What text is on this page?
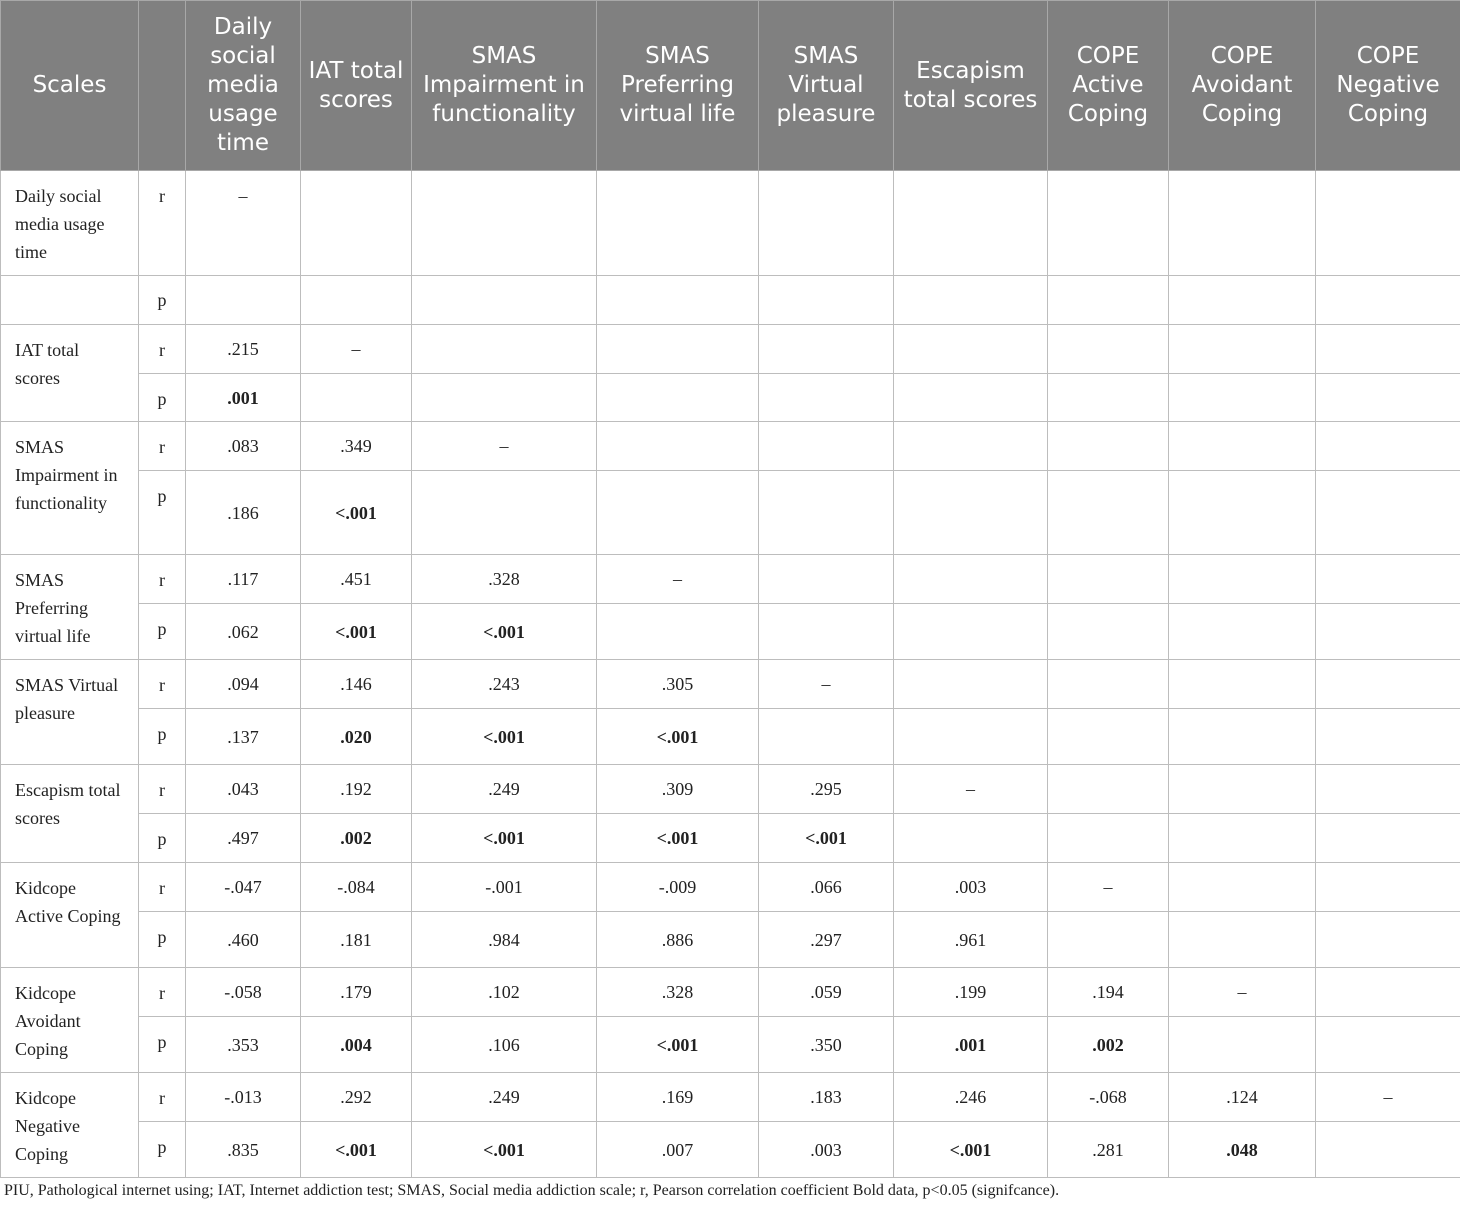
Scales		Daily social media usage time	IAT total scores	SMAS Impairment in functionality	SMAS Preferring virtual life	SMAS Virtual pleasure	Escapism total scores	COPE Active Coping	COPE Avoidant Coping	COPE Negative Coping
Daily social media usage time	r	–								
	p									
IAT total scores	r	.215	–							
	p	.001								
SMAS Impairment in functionality	r	.083	.349	–						
	p	.186	<.001							
SMAS Preferring virtual life	r	.117	.451	.328	–					
	p	.062	<.001	<.001						
SMAS Virtual pleasure	r	.094	.146	.243	.305	–				
	p	.137	.020	<.001	<.001					
Escapism total scores	r	.043	.192	.249	.309	.295	–			
	p	.497	.002	<.001	<.001	<.001				
Kidcope Active Coping	r	-.047	-.084	-.001	-.009	.066	.003	–		
	p	.460	.181	.984	.886	.297	.961			
Kidcope Avoidant Coping	r	-.058	.179	.102	.328	.059	.199	.194	–	
	p	.353	.004	.106	<.001	.350	.001	.002		
Kidcope Negative Coping	r	-.013	.292	.249	.169	.183	.246	-.068	.124	–
	p	.835	<.001	<.001	.007	.003	<.001	.281	.048	
PIU, Pathological internet using; IAT, Internet addiction test; SMAS, Social media addiction scale; r, Pearson correlation coefficient Bold data, p<0.05 (signifcance).
